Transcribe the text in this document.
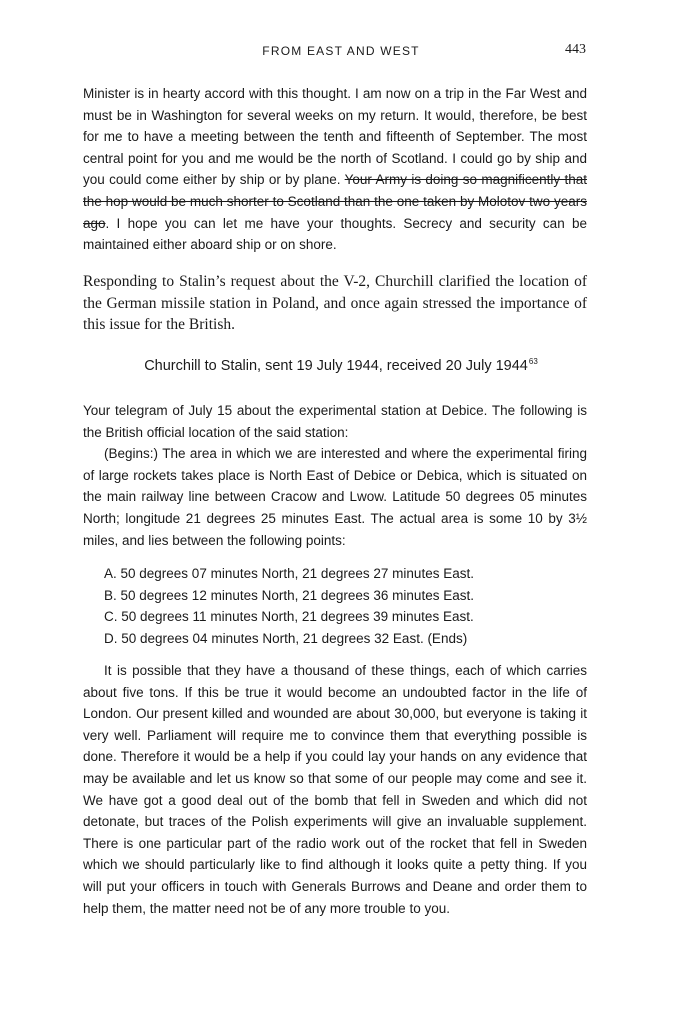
FROM EAST AND WEST	443

Minister is in hearty accord with this thought. I am now on a trip in the Far West and must be in Washington for several weeks on my return. It would, therefore, be best for me to have a meeting between the tenth and fifteenth of September. The most central point for you and me would be the north of Scotland. I could go by ship and you could come either by ship or by plane. Your Army is doing so magnificently that the hop would be much shorter to Scotland than the one taken by Molotov two years ago. I hope you can let me have your thoughts. Secrecy and security can be maintained either aboard ship or on shore.

Responding to Stalin’s request about the V-2, Churchill clarified the location of the German missile station in Poland, and once again stressed the importance of this issue for the British.

Churchill to Stalin, sent 19 July 1944, received 20 July 1944$^{63}$

Your telegram of July 15 about the experimental station at Debice. The following is the British official location of the said station:

(Begins:) The area in which we are interested and where the experimental firing of large rockets takes place is North East of Debice or Debica, which is situated on the main railway line between Cracow and Lwow. Latitude 50 degrees 05 minutes North; longitude 21 degrees 25 minutes East. The actual area is some 10 by 3½ miles, and lies between the following points:

A. 50 degrees 07 minutes North, 21 degrees 27 minutes East.
B. 50 degrees 12 minutes North, 21 degrees 36 minutes East.
C. 50 degrees 11 minutes North, 21 degrees 39 minutes East.
D. 50 degrees 04 minutes North, 21 degrees 32 East. (Ends)

It is possible that they have a thousand of these things, each of which carries about five tons. If this be true it would become an undoubted factor in the life of London. Our present killed and wounded are about 30,000, but everyone is taking it very well. Parliament will require me to convince them that everything possible is done. Therefore it would be a help if you could lay your hands on any evidence that may be available and let us know so that some of our people may come and see it. We have got a good deal out of the bomb that fell in Sweden and which did not detonate, but traces of the Polish experiments will give an invaluable supplement. There is one particular part of the radio work out of the rocket that fell in Sweden which we should particularly like to find although it looks quite a petty thing. If you will put your officers in touch with Generals Burrows and Deane and order them to help them, the matter need not be of any more trouble to you.
